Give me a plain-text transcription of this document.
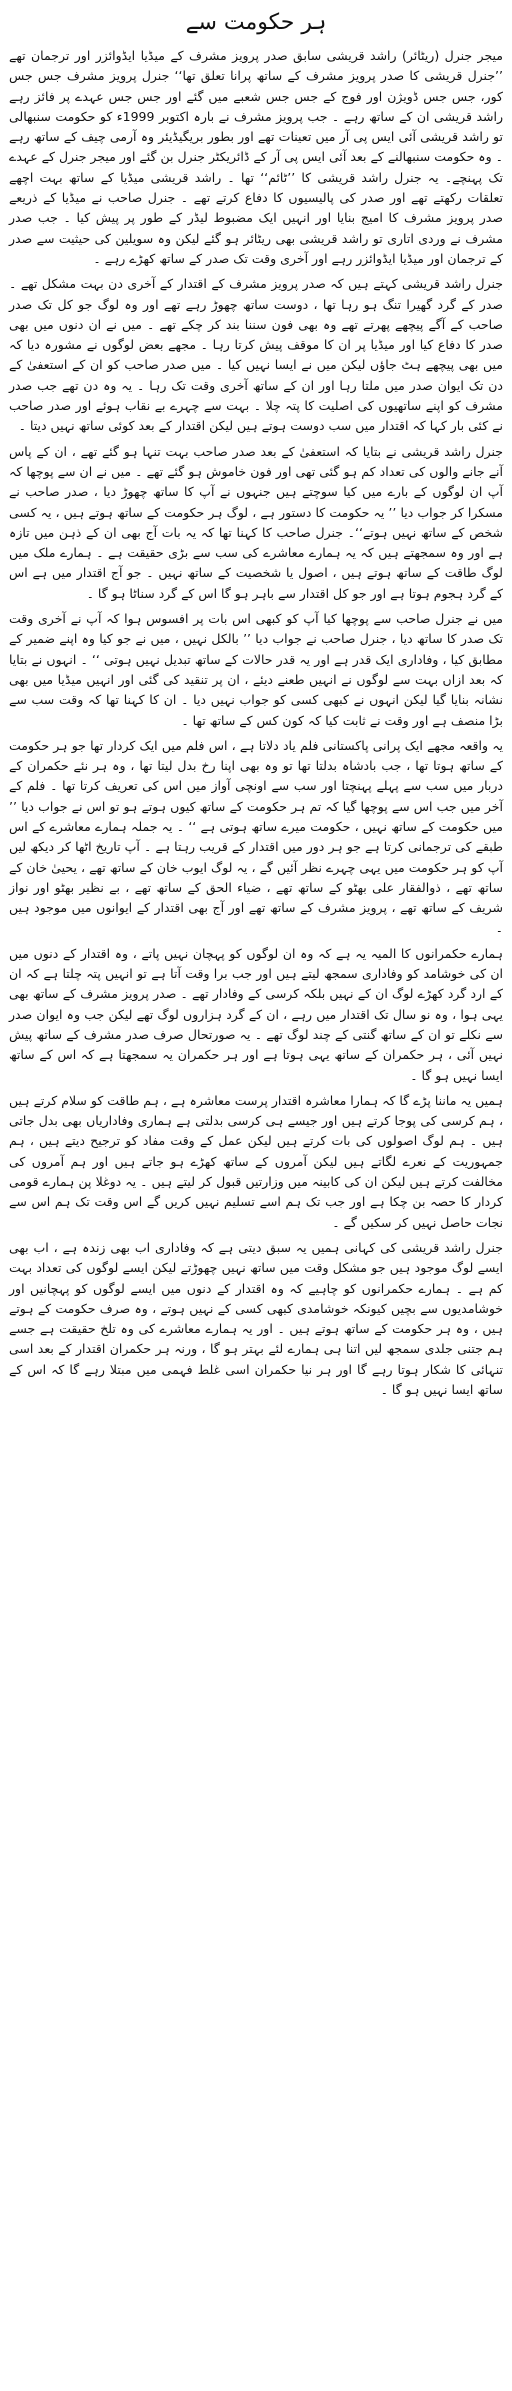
ہر حکومت سے

میجر جنرل (ریٹائر) راشد قریشی سابق صدر پرویز مشرف کے میڈیا ایڈوائزر اور ترجمان تھے ’’جنرل قریشی کا صدر پرویز مشرف کے ساتھ پرانا تعلق تھا‘‘ جنرل پرویز مشرف جس جس کور، جس جس ڈویژن اور فوج کے جس جس شعبے میں گئے اور جس جس عہدے پر فائز رہے راشد قریشی ان کے ساتھ رہے ۔ جب پرویز مشرف نے بارہ اکتوبر 1999ء کو حکومت سنبھالی تو راشد قریشی آئی ایس پی آر میں تعینات تھے اور بطور بریگیڈیئر وہ آرمی چیف کے ساتھ رہے ۔ وہ حکومت سنبھالنے کے بعد آئی ایس پی آر کے ڈائریکٹر جنرل بن گئے اور میجر جنرل کے عہدے تک پہنچے۔ یہ جنرل راشد قریشی کا ’’ٹائم‘‘ تھا ۔ راشد قریشی میڈیا کے ساتھ بہت اچھے تعلقات رکھتے تھے اور صدر کی پالیسیوں کا دفاع کرتے تھے ۔ جنرل صاحب نے میڈیا کے ذریعے صدر پرویز مشرف کا امیج بنایا اور انہیں ایک مضبوط لیڈر کے طور پر پیش کیا ۔ جب صدر مشرف نے وردی اتاری تو راشد قریشی بھی ریٹائر ہو گئے لیکن وہ سویلین کی حیثیت سے صدر کے ترجمان اور میڈیا ایڈوائزر رہے اور آخری وقت تک صدر کے ساتھ کھڑے رہے ۔

جنرل راشد قریشی کہتے ہیں کہ صدر پرویز مشرف کے اقتدار کے آخری دن بہت مشکل تھے ۔ صدر کے گرد گھیرا تنگ ہو رہا تھا ، دوست ساتھ چھوڑ رہے تھے اور وہ لوگ جو کل تک صدر صاحب کے آگے پیچھے پھرتے تھے وہ بھی فون سننا بند کر چکے تھے ۔ میں نے ان دنوں میں بھی صدر کا دفاع کیا اور میڈیا پر ان کا موقف پیش کرتا رہا ۔ مجھے بعض لوگوں نے مشورہ دیا کہ میں بھی پیچھے ہٹ جاؤں لیکن میں نے ایسا نہیں کیا ۔ میں صدر صاحب کو ان کے استعفیٰ کے دن تک ایوان صدر میں ملتا رہا اور ان کے ساتھ آخری وقت تک رہا ۔ یہ وہ دن تھے جب صدر مشرف کو اپنے ساتھیوں کی اصلیت کا پتہ چلا ۔ بہت سے چہرے بے نقاب ہوئے اور صدر صاحب نے کئی بار کہا کہ اقتدار میں سب دوست ہوتے ہیں لیکن اقتدار کے بعد کوئی ساتھ نہیں دیتا ۔

جنرل راشد قریشی نے بتایا کہ استعفیٰ کے بعد صدر صاحب بہت تنہا ہو گئے تھے ، ان کے پاس آنے جانے والوں کی تعداد کم ہو گئی تھی اور فون خاموش ہو گئے تھے ۔ میں نے ان سے پوچھا کہ آپ ان لوگوں کے بارے میں کیا سوچتے ہیں جنہوں نے آپ کا ساتھ چھوڑ دیا ، صدر صاحب نے مسکرا کر جواب دیا ’’ یہ حکومت کا دستور ہے ، لوگ ہر حکومت کے ساتھ ہوتے ہیں ، یہ کسی شخص کے ساتھ نہیں ہوتے‘‘۔ جنرل صاحب کا کہنا تھا کہ یہ بات آج بھی ان کے ذہن میں تازہ ہے اور وہ سمجھتے ہیں کہ یہ ہمارے معاشرے کی سب سے بڑی حقیقت ہے ۔ ہمارے ملک میں لوگ طاقت کے ساتھ ہوتے ہیں ، اصول یا شخصیت کے ساتھ نہیں ۔ جو آج اقتدار میں ہے اس کے گرد ہجوم ہوتا ہے اور جو کل اقتدار سے باہر ہو گا اس کے گرد سناٹا ہو گا ۔

میں نے جنرل صاحب سے پوچھا کیا آپ کو کبھی اس بات پر افسوس ہوا کہ آپ نے آخری وقت تک صدر کا ساتھ دیا ، جنرل صاحب نے جواب دیا ’’ بالکل نہیں ، میں نے جو کیا وہ اپنے ضمیر کے مطابق کیا ، وفاداری ایک قدر ہے اور یہ قدر حالات کے ساتھ تبدیل نہیں ہوتی ‘‘ ۔ انہوں نے بتایا کہ بعد ازاں بہت سے لوگوں نے انہیں طعنے دیئے ، ان پر تنقید کی گئی اور انہیں میڈیا میں بھی نشانہ بنایا گیا لیکن انہوں نے کبھی کسی کو جواب نہیں دیا ۔ ان کا کہنا تھا کہ وقت سب سے بڑا منصف ہے اور وقت نے ثابت کیا کہ کون کس کے ساتھ تھا ۔

یہ واقعہ مجھے ایک پرانی پاکستانی فلم یاد دلاتا ہے ، اس فلم میں ایک کردار تھا جو ہر حکومت کے ساتھ ہوتا تھا ، جب بادشاہ بدلتا تھا تو وہ بھی اپنا رخ بدل لیتا تھا ، وہ ہر نئے حکمران کے دربار میں سب سے پہلے پہنچتا اور سب سے اونچی آواز میں اس کی تعریف کرتا تھا ۔ فلم کے آخر میں جب اس سے پوچھا گیا کہ تم ہر حکومت کے ساتھ کیوں ہوتے ہو تو اس نے جواب دیا ’’ میں حکومت کے ساتھ نہیں ، حکومت میرے ساتھ ہوتی ہے ‘‘ ۔ یہ جملہ ہمارے معاشرے کے اس طبقے کی ترجمانی کرتا ہے جو ہر دور میں اقتدار کے قریب رہتا ہے ۔ آپ تاریخ اٹھا کر دیکھ لیں آپ کو ہر حکومت میں یہی چہرے نظر آئیں گے ، یہ لوگ ایوب خان کے ساتھ تھے ، یحییٰ خان کے ساتھ تھے ، ذوالفقار علی بھٹو کے ساتھ تھے ، ضیاء الحق کے ساتھ تھے ، بے نظیر بھٹو اور نواز شریف کے ساتھ تھے ، پرویز مشرف کے ساتھ تھے اور آج بھی اقتدار کے ایوانوں میں موجود ہیں ۔

ہمارے حکمرانوں کا المیہ یہ ہے کہ وہ ان لوگوں کو پہچان نہیں پاتے ، وہ اقتدار کے دنوں میں ان کی خوشامد کو وفاداری سمجھ لیتے ہیں اور جب برا وقت آتا ہے تو انہیں پتہ چلتا ہے کہ ان کے ارد گرد کھڑے لوگ ان کے نہیں بلکہ کرسی کے وفادار تھے ۔ صدر پرویز مشرف کے ساتھ بھی یہی ہوا ، وہ نو سال تک اقتدار میں رہے ، ان کے گرد ہزاروں لوگ تھے لیکن جب وہ ایوان صدر سے نکلے تو ان کے ساتھ گنتی کے چند لوگ تھے ۔ یہ صورتحال صرف صدر مشرف کے ساتھ پیش نہیں آئی ، ہر حکمران کے ساتھ یہی ہوتا ہے اور ہر حکمران یہ سمجھتا ہے کہ اس کے ساتھ ایسا نہیں ہو گا ۔

ہمیں یہ ماننا پڑے گا کہ ہمارا معاشرہ اقتدار پرست معاشرہ ہے ، ہم طاقت کو سلام کرتے ہیں ، ہم کرسی کی پوجا کرتے ہیں اور جیسے ہی کرسی بدلتی ہے ہماری وفاداریاں بھی بدل جاتی ہیں ۔ ہم لوگ اصولوں کی بات کرتے ہیں لیکن عمل کے وقت مفاد کو ترجیح دیتے ہیں ، ہم جمہوریت کے نعرے لگاتے ہیں لیکن آمروں کے ساتھ کھڑے ہو جاتے ہیں اور ہم آمروں کی مخالفت کرتے ہیں لیکن ان کی کابینہ میں وزارتیں قبول کر لیتے ہیں ۔ یہ دوغلا پن ہمارے قومی کردار کا حصہ بن چکا ہے اور جب تک ہم اسے تسلیم نہیں کریں گے اس وقت تک ہم اس سے نجات حاصل نہیں کر سکیں گے ۔

جنرل راشد قریشی کی کہانی ہمیں یہ سبق دیتی ہے کہ وفاداری اب بھی زندہ ہے ، اب بھی ایسے لوگ موجود ہیں جو مشکل وقت میں ساتھ نہیں چھوڑتے لیکن ایسے لوگوں کی تعداد بہت کم ہے ۔ ہمارے حکمرانوں کو چاہیے کہ وہ اقتدار کے دنوں میں ایسے لوگوں کو پہچانیں اور خوشامدیوں سے بچیں کیونکہ خوشامدی کبھی کسی کے نہیں ہوتے ، وہ صرف حکومت کے ہوتے ہیں ، وہ ہر حکومت کے ساتھ ہوتے ہیں ۔ اور یہ ہمارے معاشرے کی وہ تلخ حقیقت ہے جسے ہم جتنی جلدی سمجھ لیں اتنا ہی ہمارے لئے بہتر ہو گا ، ورنہ ہر حکمران اقتدار کے بعد اسی تنہائی کا شکار ہوتا رہے گا اور ہر نیا حکمران اسی غلط فہمی میں مبتلا رہے گا کہ اس کے ساتھ ایسا نہیں ہو گا ۔
